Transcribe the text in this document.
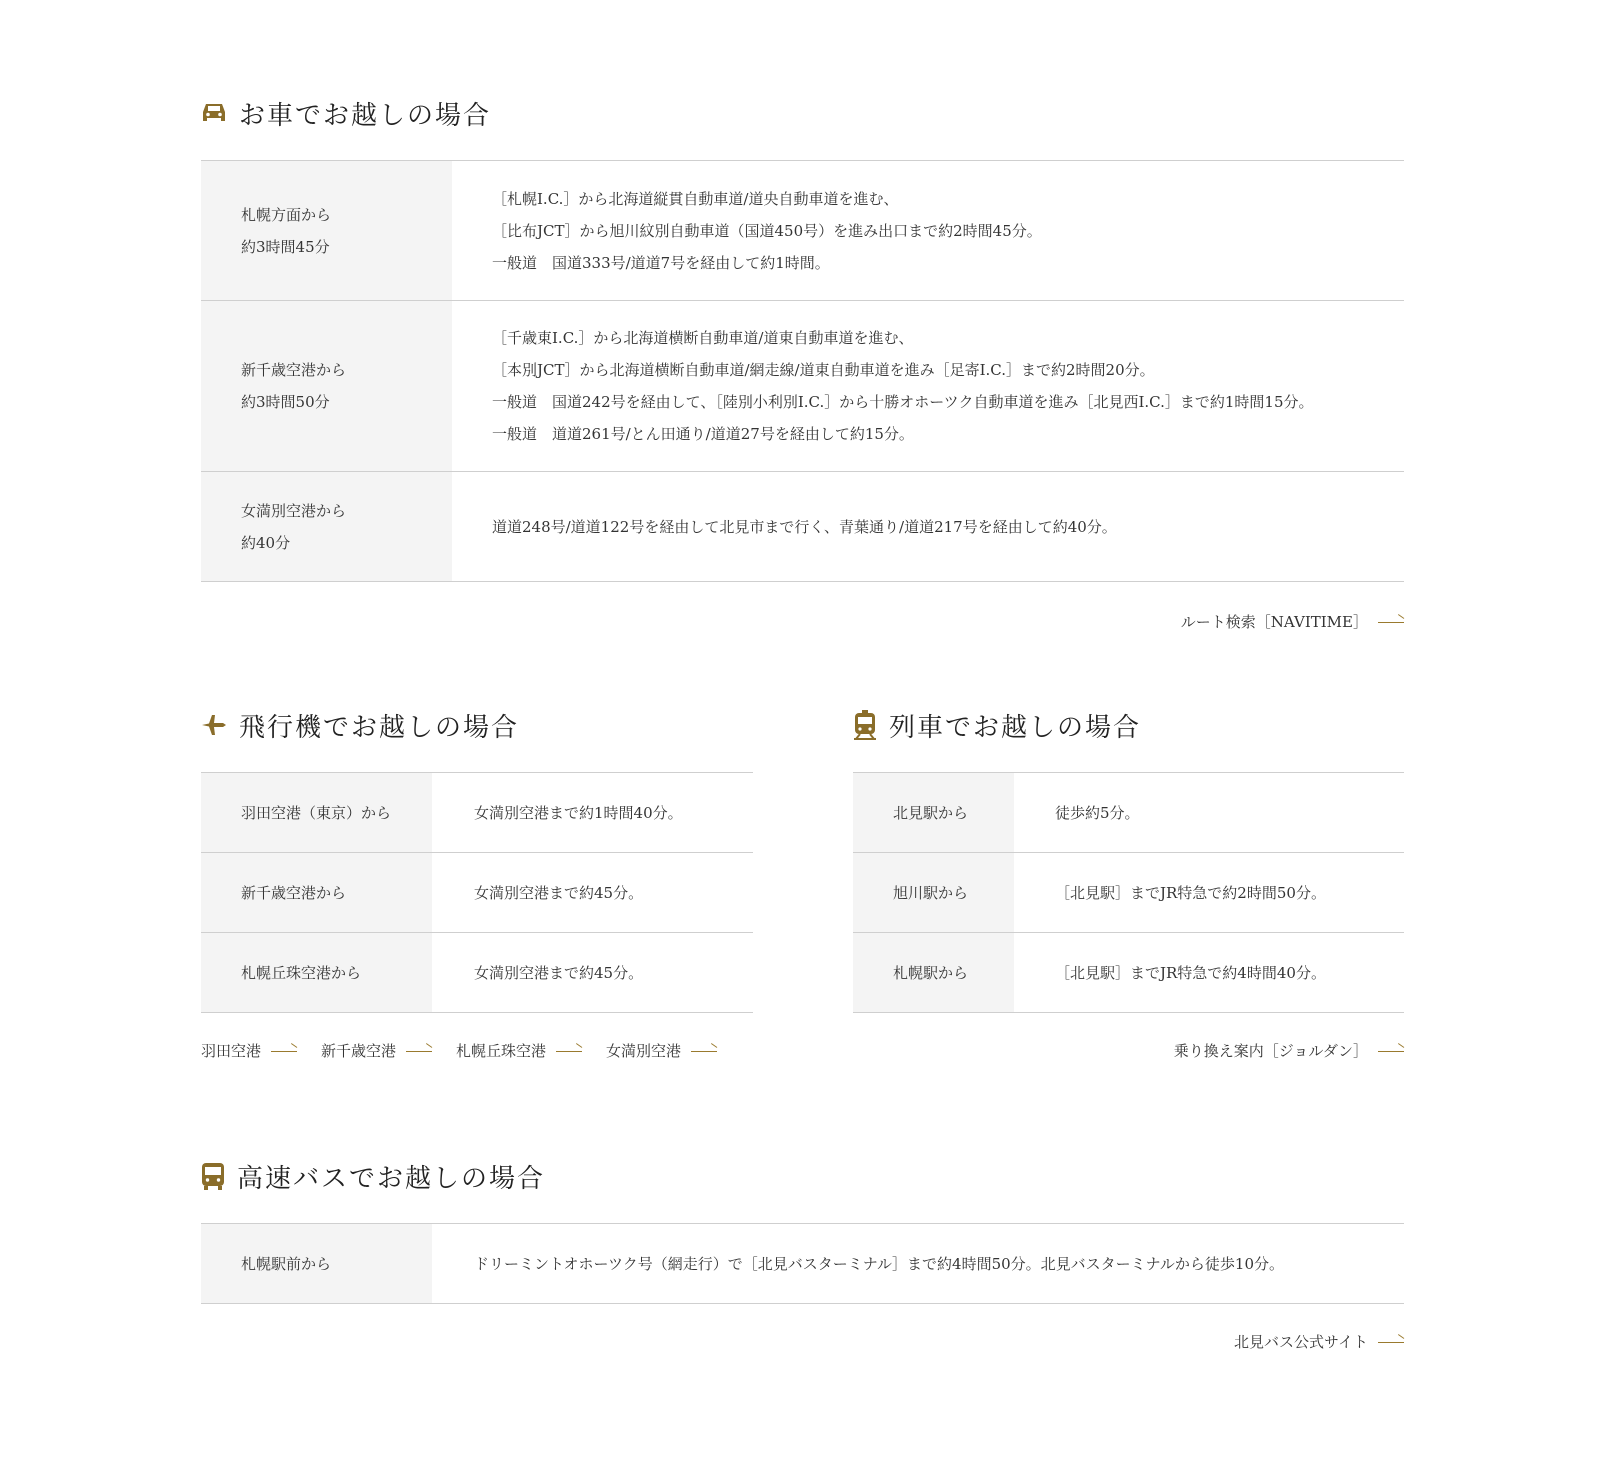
お車でお越しの場合
札幌方面から
約3時間45分	［札幌I.C.］から北海道縦貫自動車道/道央自動車道を進む、
［比布JCT］から旭川紋別自動車道（国道450号）を進み出口まで約2時間45分。
一般道　国道333号/道道7号を経由して約1時間。

新千歳空港から
約3時間50分	［千歳東I.C.］から北海道横断自動車道/道東自動車道を進む、
［本別JCT］から北海道横断自動車道/網走線/道東自動車道を進み［足寄I.C.］まで約2時間20分。
一般道　国道242号を経由して、［陸別小利別I.C.］から十勝オホーツク自動車道を進み［北見西I.C.］まで約1時間15分。
一般道　道道261号/とん田通り/道道27号を経由して約15分。

女満別空港から
約40分	道道248号/道道122号を経由して北見市まで行く、青葉通り/道道217号を経由して約40分。
ルート検索［NAVITIME］
飛行機でお越しの場合
羽田空港（東京）から	女満別空港まで約1時間40分。
新千歳空港から	女満別空港まで約45分。
札幌丘珠空港から	女満別空港まで約45分。
羽田空港	新千歳空港	札幌丘珠空港	女満別空港
列車でお越しの場合
北見駅から	徒歩約5分。
旭川駅から	［北見駅］までJR特急で約2時間50分。
札幌駅から	［北見駅］までJR特急で約4時間40分。
乗り換え案内［ジョルダン］
高速バスでお越しの場合
札幌駅前から	ドリーミントオホーツク号（網走行）で［北見バスターミナル］まで約4時間50分。北見バスターミナルから徒歩10分。
北見バス公式サイト
